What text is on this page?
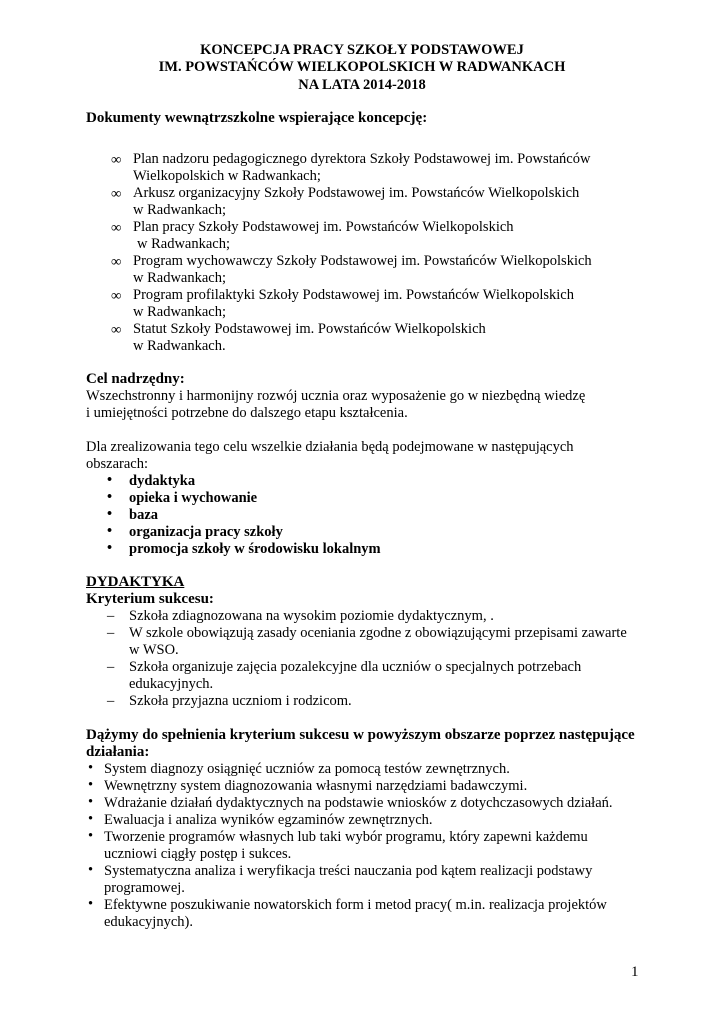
KONCEPCJA PRACY SZKOŁY PODSTAWOWEJ

IM. POWSTAŃCÓW WIELKOPOLSKICH W RADWANKACH

NA LATA 2014-2018

Dokumenty wewnątrzszkolne wspierające koncepcję:

∞ Plan nadzoru pedagogicznego dyrektora Szkoły Podstawowej im. Powstańców
Wielkopolskich w Radwankach;
∞ Arkusz organizacyjny Szkoły Podstawowej im. Powstańców Wielkopolskich
w Radwankach;
∞ Plan pracy Szkoły Podstawowej im. Powstańców Wielkopolskich
w Radwankach;
∞ Program wychowawczy Szkoły Podstawowej im. Powstańców Wielkopolskich
w Radwankach;
∞ Program profilaktyki Szkoły Podstawowej im. Powstańców Wielkopolskich
w Radwankach;
∞ Statut Szkoły Podstawowej im. Powstańców Wielkopolskich
w Radwankach.

Cel nadrzędny:

Wszechstronny i harmonijny rozwój ucznia oraz wyposażenie go w niezbędną wiedzę

i umiejętności potrzebne do dalszego etapu kształcenia.

Dla zrealizowania tego celu wszelkie działania będą podejmowane w następujących

obszarach:

• dydaktyka
• opieka i wychowanie
• baza
• organizacja pracy szkoły
• promocja szkoły w środowisku lokalnym

DYDAKTYKA

Kryterium sukcesu:

– Szkoła zdiagnozowana na wysokim poziomie dydaktycznym, .
– W szkole obowiązują zasady oceniania zgodne z obowiązującymi przepisami zawarte
w WSO.
– Szkoła organizuje zajęcia pozalekcyjne dla uczniów o specjalnych potrzebach
edukacyjnych.
– Szkoła przyjazna uczniom i rodzicom.

Dążymy do spełnienia kryterium sukcesu w powyższym obszarze poprzez następujące

działania:

• System diagnozy osiągnięć uczniów za pomocą testów zewnętrznych.
• Wewnętrzny system diagnozowania własnymi narzędziami badawczymi.
• Wdrażanie działań dydaktycznych na podstawie wniosków z dotychczasowych działań.
• Ewaluacja i analiza wyników egzaminów zewnętrznych.
• Tworzenie programów własnych lub taki wybór programu, który zapewni każdemu
uczniowi ciągły postęp i sukces.
• Systematyczna analiza i weryfikacja treści nauczania pod kątem realizacji podstawy
programowej.
• Efektywne poszukiwanie nowatorskich form i metod pracy( m.in. realizacja projektów
edukacyjnych).

1
